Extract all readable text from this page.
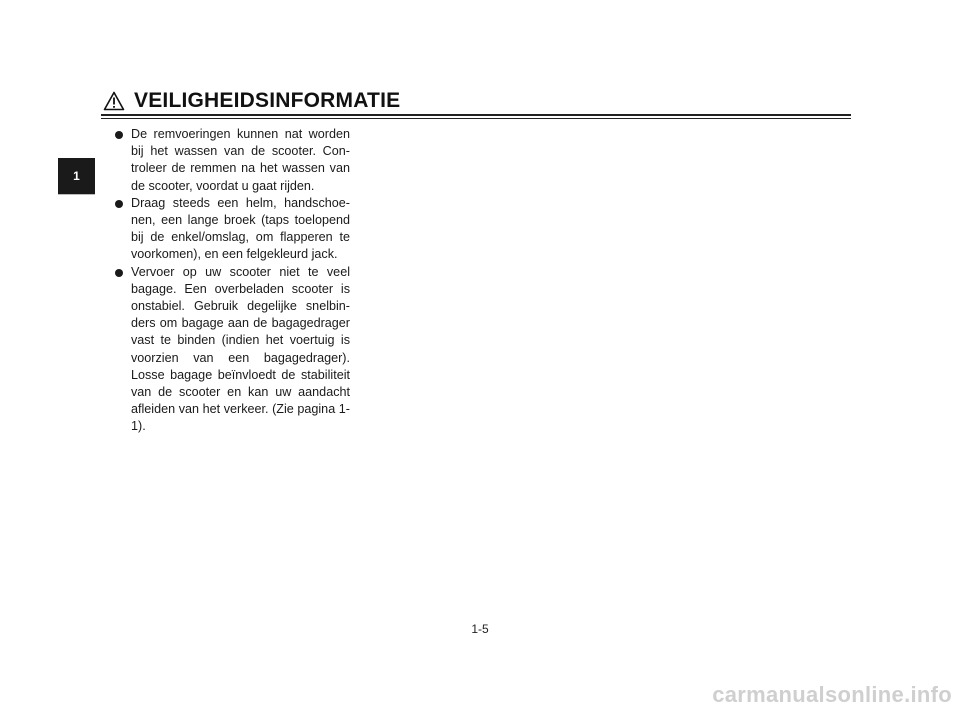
VEILIGHEIDSINFORMATIE
1
De remvoeringen kunnen nat worden bij het wassen van de scooter. Controleer de remmen na het wassen van de scooter, voordat u gaat rijden.
Draag steeds een helm, handschoenen, een lange broek (taps toelopend bij de enkel/omslag, om flapperen te voorkomen), en een felgekleurd jack.
Vervoer op uw scooter niet te veel bagage. Een overbeladen scooter is onstabiel. Gebruik degelijke snelbinders om bagage aan de bagagedrager vast te binden (indien het voertuig is voorzien van een bagagedrager). Losse bagage beïnvloedt de stabiliteit van de scooter en kan uw aandacht afleiden van het verkeer. (Zie pagina 1-1).
1-5
carmanualsonline.info
